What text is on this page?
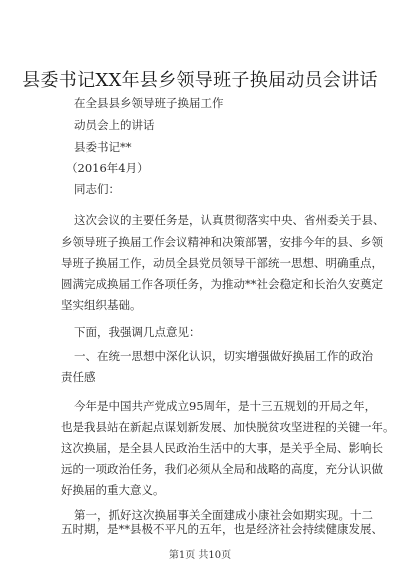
县委书记XX年县乡领导班子换届动员会讲话
在全县县乡领导班子换届工作
动员会上的讲话
县委书记**
（2016年4月）
同志们：
这次会议的主要任务是，认真贯彻落实中央、省州委关于县、
乡领导班子换届工作会议精神和决策部署，安排今年的县、乡领
导班子换届工作，动员全县党员领导干部统一思想、明确重点，
圆满完成换届工作各项任务，为推动**社会稳定和长治久安奠定
坚实组织基础。
下面，我强调几点意见：
一、在统一思想中深化认识，切实增强做好换届工作的政治
责任感
今年是中国共产党成立95周年，是十三五规划的开局之年，
也是我县站在新起点谋划新发展、加快脱贫攻坚进程的关键一年。
这次换届，是全县人民政治生活中的大事，是关乎全局、影响长
远的一项政治任务，我们必须从全局和战略的高度，充分认识做
好换届的重大意义。
第一，抓好这次换届事关全面建成小康社会如期实现。十二
五时期，是**县极不平凡的五年，也是经济社会持续健康发展、
第1页 共10页
